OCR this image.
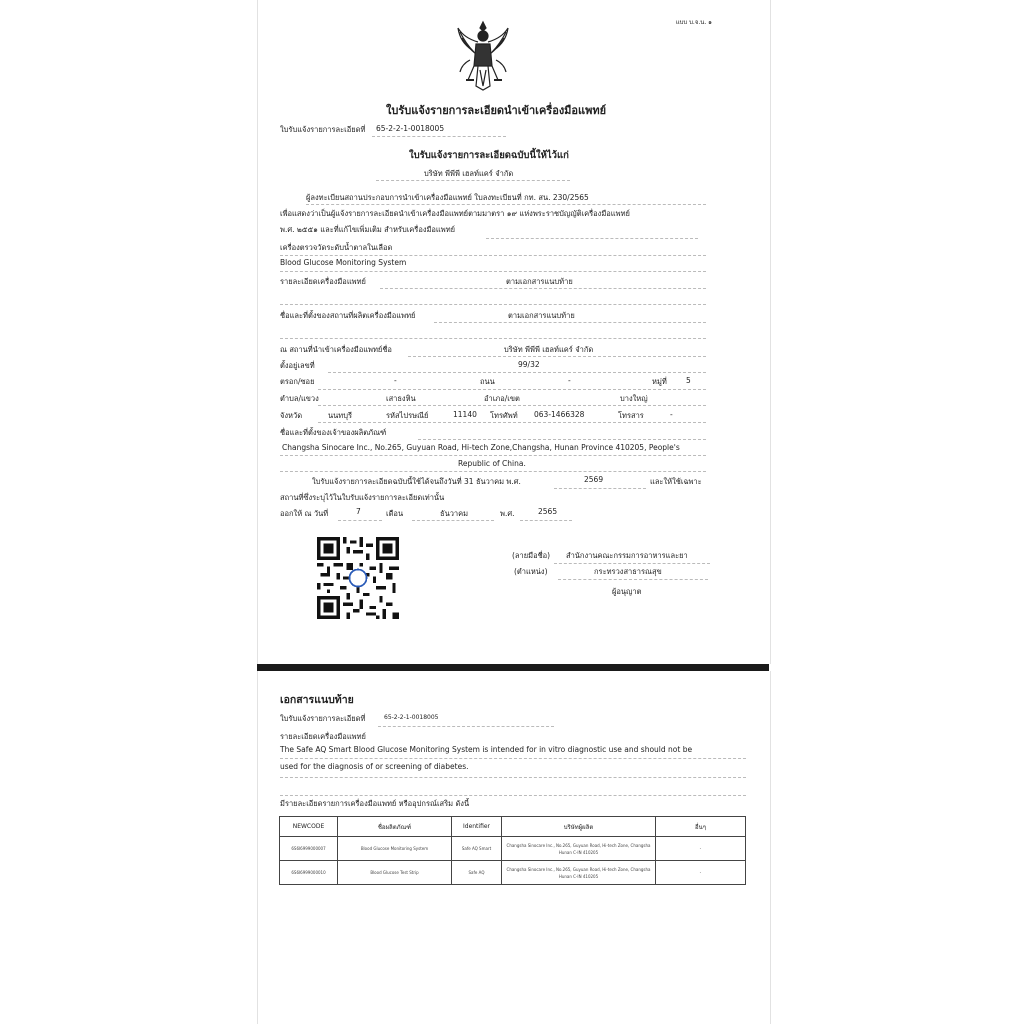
แบบ บ.จ.น. ๑
ใบรับแจ้งรายการละเอียดนำเข้าเครื่องมือแพทย์
ใบรับแจ้งรายการละเอียดที่ 65-2-2-1-0018005
ใบรับแจ้งรายการละเอียดฉบับนี้ให้ไว้แก่
บริษัท พีพีพี เฮลท์แคร์ จำกัด
ผู้ลงทะเบียนสถานประกอบการนำเข้าเครื่องมือแพทย์ ใบลงทะเบียนที่ กท. สน. 230/2565
เพื่อแสดงว่าเป็นผู้แจ้งรายการละเอียดนำเข้าเครื่องมือแพทย์ตามมาตรา ๑๙ แห่งพระราชบัญญัติเครื่องมือแพทย์
พ.ศ. ๒๕๕๑ และที่แก้ไขเพิ่มเติม สำหรับเครื่องมือแพทย์
เครื่องตรวจวัดระดับน้ำตาลในเลือด
Blood Glucose Monitoring System
รายละเอียดเครื่องมือแพทย์	ตามเอกสารแนบท้าย
ชื่อและที่ตั้งของสถานที่ผลิตเครื่องมือแพทย์	ตามเอกสารแนบท้าย
ณ สถานที่นำเข้าเครื่องมือแพทย์ชื่อ	บริษัท พีพีพี เฮลท์แคร์ จำกัด
ตั้งอยู่เลขที่	99/32
ตรอก/ซอย	-	ถนน	-	หมู่ที่	5
ตำบล/แขวง	เสาธงหิน	อำเภอ/เขต	บางใหญ่
จังหวัด	นนทบุรี	รหัสไปรษณีย์	11140 โทรศัพท์ 063-1466328	โทรสาร	-
ชื่อและที่ตั้งของเจ้าของผลิตภัณฑ์
Changsha Sinocare Inc., No.265, Guyuan Road, Hi-tech Zone,Changsha, Hunan Province 410205, People's
Republic of China.
ใบรับแจ้งรายการละเอียดฉบับนี้ใช้ได้จนถึงวันที่ 31 ธันวาคม พ.ศ.	2569	และให้ใช้เฉพาะ
สถานที่ซึ่งระบุไว้ในใบรับแจ้งรายการละเอียดเท่านั้น
ออกให้ ณ วันที่	7	เดือน	ธันวาคม	พ.ศ.	2565
(ลายมือชื่อ) สำนักงานคณะกรรมการอาหารและยา
(ตำแหน่ง)	กระทรวงสาธารณสุข
ผู้อนุญาต
เอกสารแนบท้าย
ใบรับแจ้งรายการละเอียดที่	65-2-2-1-0018005
รายละเอียดเครื่องมือแพทย์
The Safe AQ Smart Blood Glucose Monitoring System is intended for in vitro diagnostic use and should not be
used for the diagnosis of or screening of diabetes.
มีรายละเอียดรายการเครื่องมือแพทย์ หรืออุปกรณ์เสริม ดังนี้
NEWCODE	ชื่อผลิตภัณฑ์	Identifier	บริษัทผู้ผลิต	อื่นๆ
6S6I6999000007	Blood Glucose Monitoring System	Safe AQ Smart	Changsha Sinocare Inc., No.265, Guyuan Road, Hi-tech Zone, Changsha Hunan C-IN 410205	-
6S6I6999000010	Blood Glucose Test Strip	Safe AQ	Changsha Sinocare Inc., No.265, Guyuan Road, Hi-tech Zone, Changsha Hunan C-IN 410205	-
